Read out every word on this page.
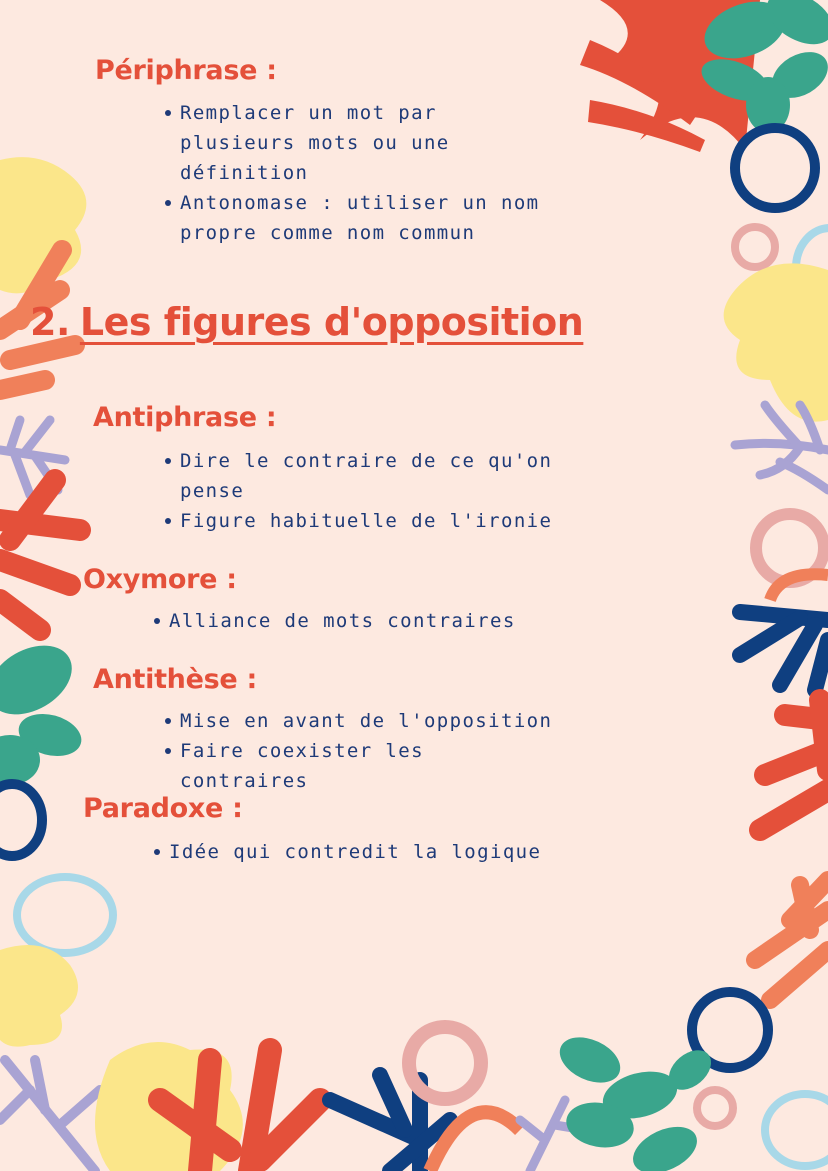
Périphrase :
Remplacer un mot par plusieurs mots ou une définition
Antonomase : utiliser un nom propre comme nom commun
2. Les figures d'opposition
Antiphrase :
Dire le contraire de ce qu'on pense
Figure habituelle de l'ironie
Oxymore :
Alliance de mots contraires
Antithèse :
Mise en avant de l'opposition
Faire coexister les contraires
Paradoxe :
Idée qui contredit la logique
